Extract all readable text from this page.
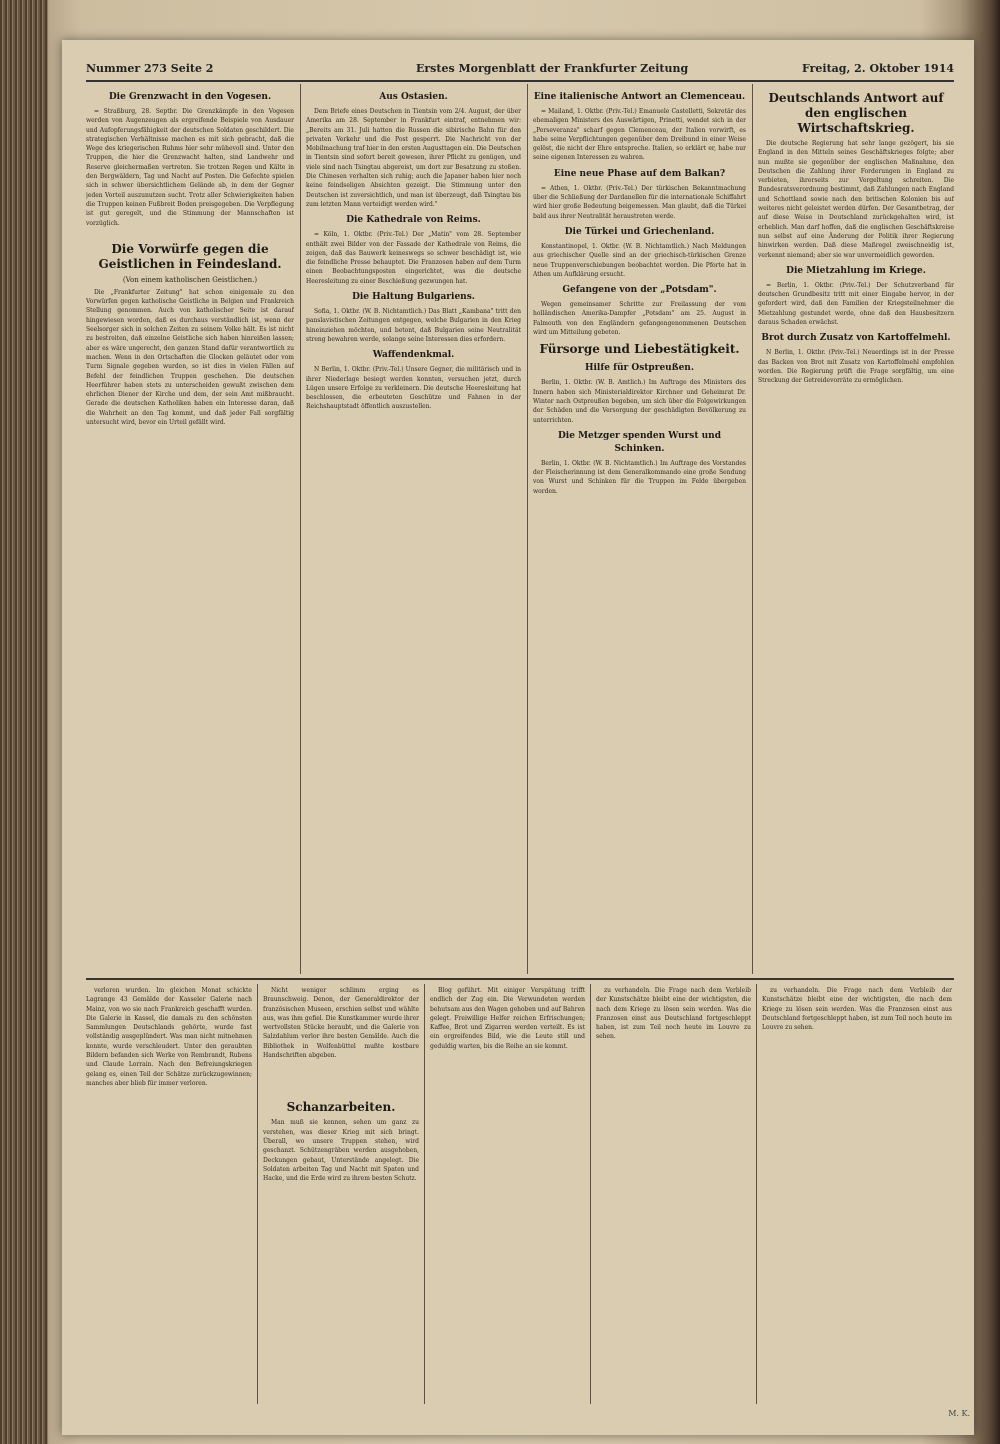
Nummer 273 Seite 2	Erstes Morgenblatt der Frankfurter Zeitung	Freitag, 2. Oktober 1914
Die Grenzwacht in den Vogesen.

= Straßburg, 28. Septbr. Die Grenzkämpfe in den Vogesen werden von Augenzeugen als ergreifende Beispiele von Ausdauer und Aufopferungsfähigkeit der deutschen Soldaten geschildert. Die strategischen Verhältnisse machen es mit sich gebracht, daß die Wege des kriegerischen Ruhms hier sehr mühevoll sind. Unter den Truppen, die hier die Grenzwacht halten, sind Landwehr und Reserve gleichermaßen vertreten. Sie trotzen Regen und Kälte in den Bergwäldern, Tag und Nacht auf Posten. Die Gefechte spielen sich in schwer übersichtlichem Gelände ab, in dem der Gegner jeden Vorteil auszunutzen sucht. Trotz aller Schwierigkeiten haben die Truppen keinen Fußbreit Boden preisgegeben. Die Verpflegung ist gut geregelt, und die Stimmung der Mannschaften ist vorzüglich.

Die Vorwürfe gegen die Geistlichen in Feindesland.
(Von einem katholischen Geistlichen.)

Die „Frankfurter Zeitung" hat schon einigemale zu den Vorwürfen gegen katholische Geistliche in Belgien und Frankreich Stellung genommen. Auch von katholischer Seite ist darauf hingewiesen worden, daß es durchaus verständlich ist, wenn der Seelsorger sich in solchen Zeiten zu seinem Volke hält. Es ist nicht zu bestreiten, daß einzelne Geistliche sich haben hinreißen lassen; aber es wäre ungerecht, den ganzen Stand dafür verantwortlich zu machen. Wenn in den Ortschaften die Glocken geläutet oder vom Turm Signale gegeben wurden, so ist dies in vielen Fällen auf Befehl der feindlichen Truppen geschehen. Die deutschen Heerführer haben stets zu unterscheiden gewußt zwischen dem ehrlichen Diener der Kirche und dem, der sein Amt mißbraucht. Gerade die deutschen Katholiken haben ein Interesse daran, daß die Wahrheit an den Tag kommt, und daß jeder Fall sorgfältig untersucht wird, bevor ein Urteil gefällt wird.

Aus Ostasien.

Dem Briefe eines Deutschen in Tientsin vom 2/4. August, der über Amerika am 28. September in Frankfurt eintraf, entnehmen wir: „Bereits am 31. Juli hatten die Russen die sibirische Bahn für den privaten Verkehr und die Post gesperrt. Die Nachricht von der Mobilmachung traf hier in den ersten Augusttagen ein. Die Deutschen in Tientsin sind sofort bereit gewesen, ihrer Pflicht zu genügen, und viele sind nach Tsingtau abgereist, um dort zur Besatzung zu stoßen. Die Chinesen verhalten sich ruhig; auch die Japaner haben hier noch keine feindseligen Absichten gezeigt. Die Stimmung unter den Deutschen ist zuversichtlich, und man ist überzeugt, daß Tsingtau bis zum letzten Mann verteidigt werden wird."

Die Kathedrale von Reims.

= Köln, 1. Oktbr. (Priv.-Tel.) Der „Matin" vom 28. September enthält zwei Bilder von der Fassade der Kathedrale von Reims, die zeigen, daß das Bauwerk keineswegs so schwer beschädigt ist, wie die feindliche Presse behauptet. Die Franzosen haben auf dem Turm einen Beobachtungsposten eingerichtet, was die deutsche Heeresleitung zu einer Beschießung gezwungen hat.

Die Haltung Bulgariens.

Sofia, 1. Oktbr. (W. B. Nichtamtlich.) Das Blatt „Kambana" tritt den panslavistischen Zeitungen entgegen, welche Bulgarien in den Krieg hineinziehen möchten, und betont, daß Bulgarien seine Neutralität streng bewahren werde, solange seine Interessen dies erfordern.

Waffendenkmal.

N Berlin, 1. Oktbr. (Priv.-Tel.) Unsere Gegner, die militärisch und in ihrer Niederlage besiegt werden konnten, versuchen jetzt, durch Lügen unsere Erfolge zu verkleinern. Die deutsche Heeresleitung hat beschlossen, die erbeuteten Geschütze und Fahnen in der Reichshauptstadt öffentlich auszustellen.

Eine italienische Antwort an Clemenceau.

= Mailand, 1. Oktbr. (Priv.-Tel.) Emanuele Castelletti, Sekretär des ehemaligen Ministers des Auswärtigen, Prinetti, wendet sich in der „Perseveranza" scharf gegen Clemenceau, der Italien vorwirft, es habe seine Verpflichtungen gegenüber dem Dreibund in einer Weise gelöst, die nicht der Ehre entspreche. Italien, so erklärt er, habe nur seine eigenen Interessen zu wahren.

Eine neue Phase auf dem Balkan?

= Athen, 1. Oktbr. (Priv.-Tel.) Der türkischen Bekanntmachung über die Schließung der Dardanellen für die internationale Schiffahrt wird hier große Bedeutung beigemessen. Man glaubt, daß die Türkei bald aus ihrer Neutralität heraustreten werde.

Die Türkei und Griechenland.

Konstantinopel, 1. Oktbr. (W. B. Nichtamtlich.) Nach Meldungen aus griechischer Quelle sind an der griechisch-türkischen Grenze neue Truppenverschiebungen beobachtet worden. Die Pforte hat in Athen um Aufklärung ersucht.

Gefangene von der „Potsdam".

Wegen gemeinsamer Schritte zur Freilassung der vom holländischen Amerika-Dampfer „Potsdam" am 25. August in Falmouth von den Engländern gefangengenommenen Deutschen wird um Mitteilung gebeten.

Fürsorge und Liebestätigkeit.
Hilfe für Ostpreußen.

Berlin, 1. Oktbr. (W. B. Amtlich.) Im Auftrage des Ministers des Innern haben sich Ministerialdirektor Kirchner und Geheimrat Dr. Winter nach Ostpreußen begeben, um sich über die Folgewirkungen der Schäden und die Versorgung der geschädigten Bevölkerung zu unterrichten.

Die Metzger spenden Wurst und Schinken.

Berlin, 1. Oktbr. (W. B. Nichtamtlich.) Im Auftrage des Vorstandes der Fleischerinnung ist dem Generalkommando eine große Sendung von Wurst und Schinken für die Truppen im Felde übergeben worden.

Deutschlands Antwort auf den englischen Wirtschaftskrieg.

Die deutsche Regierung hat sehr lange gezögert, bis sie England in den Mitteln seines Geschäftskrieges folgte; aber nun mußte sie gegenüber der englischen Maßnahme, den Deutschen die Zahlung ihrer Forderungen in England zu verbieten, ihrerseits zur Vergeltung schreiten. Die Bundesratsverordnung bestimmt, daß Zahlungen nach England und Schottland sowie nach den britischen Kolonien bis auf weiteres nicht geleistet werden dürfen. Der Gesamtbetrag, der auf diese Weise in Deutschland zurückgehalten wird, ist erheblich. Man darf hoffen, daß die englischen Geschäftskreise nun selbst auf eine Änderung der Politik ihrer Regierung hinwirken werden. Daß diese Maßregel zweischneidig ist, verkennt niemand; aber sie war unvermeidlich geworden.

Die Mietzahlung im Kriege.

= Berlin, 1. Oktbr. (Priv.-Tel.) Der Schutzverband für deutschen Grundbesitz tritt mit einer Eingabe hervor, in der gefordert wird, daß den Familien der Kriegsteilnehmer die Mietzahlung gestundet werde, ohne daß den Hausbesitzern daraus Schaden erwächst.

Brot durch Zusatz von Kartoffelmehl.

N Berlin, 1. Oktbr. (Priv.-Tel.) Neuerdings ist in der Presse das Backen von Brot mit Zusatz von Kartoffelmehl empfohlen worden. Die Regierung prüft die Frage sorgfältig, um eine Streckung der Getreidevorräte zu ermöglichen.

verloren wurden. Im gleichen Monat schickte Lagrange 43 Gemälde der Kasseler Galerie nach Mainz, von wo sie nach Frankreich geschafft wurden. Die Galerie in Kassel, die damals zu den schönsten Sammlungen Deutschlands gehörte, wurde fast vollständig ausgeplündert. Was man nicht mitnehmen konnte, wurde verschleudert. Unter den geraubten Bildern befanden sich Werke von Rembrandt, Rubens und Claude Lorrain. Nach den Befreiungskriegen gelang es, einen Teil der Schätze zurückzugewinnen; manches aber blieb für immer verloren.

Nicht weniger schlimm erging es Braunschweig. Denon, der Generaldirektor der französischen Museen, erschien selbst und wählte aus, was ihm gefiel. Die Kunstkammer wurde ihrer wertvollsten Stücke beraubt, und die Galerie von Salzdahlum verlor ihre besten Gemälde. Auch die Bibliothek in Wolfenbüttel mußte kostbare Handschriften abgeben.

Schanzarbeiten.

Man muß sie kennen, sehen um ganz zu verstehen, was dieser Krieg mit sich bringt. Überall, wo unsere Truppen stehen, wird geschanzt. Schützengräben werden ausgehoben, Deckungen gebaut, Unterstände angelegt. Die Soldaten arbeiten Tag und Nacht mit Spaten und Hacke, und die Erde wird zu ihrem besten Schutz.

Blog geführt. Mit einiger Verspätung trifft endlich der Zug ein. Die Verwundeten werden behutsam aus den Wagen gehoben und auf Bahren gelegt. Freiwillige Helfer reichen Erfrischungen; Kaffee, Brot und Zigarren werden verteilt. Es ist ein ergreifendes Bild, wie die Leute still und geduldig warten, bis die Reihe an sie kommt.

zu verhandeln. Die Frage nach dem Verbleib der Kunstschätze bleibt eine der wichtigsten, die nach dem Kriege zu lösen sein werden. Was die Franzosen einst aus Deutschland fortgeschleppt haben, ist zum Teil noch heute im Louvre zu sehen.

zu verhandeln. Die Frage nach dem Verbleib der Kunstschätze bleibt eine der wichtigsten, die nach dem Kriege zu lösen sein werden. Was die Franzosen einst aus Deutschland fortgeschleppt haben, ist zum Teil noch heute im Louvre zu sehen.

M. K.
